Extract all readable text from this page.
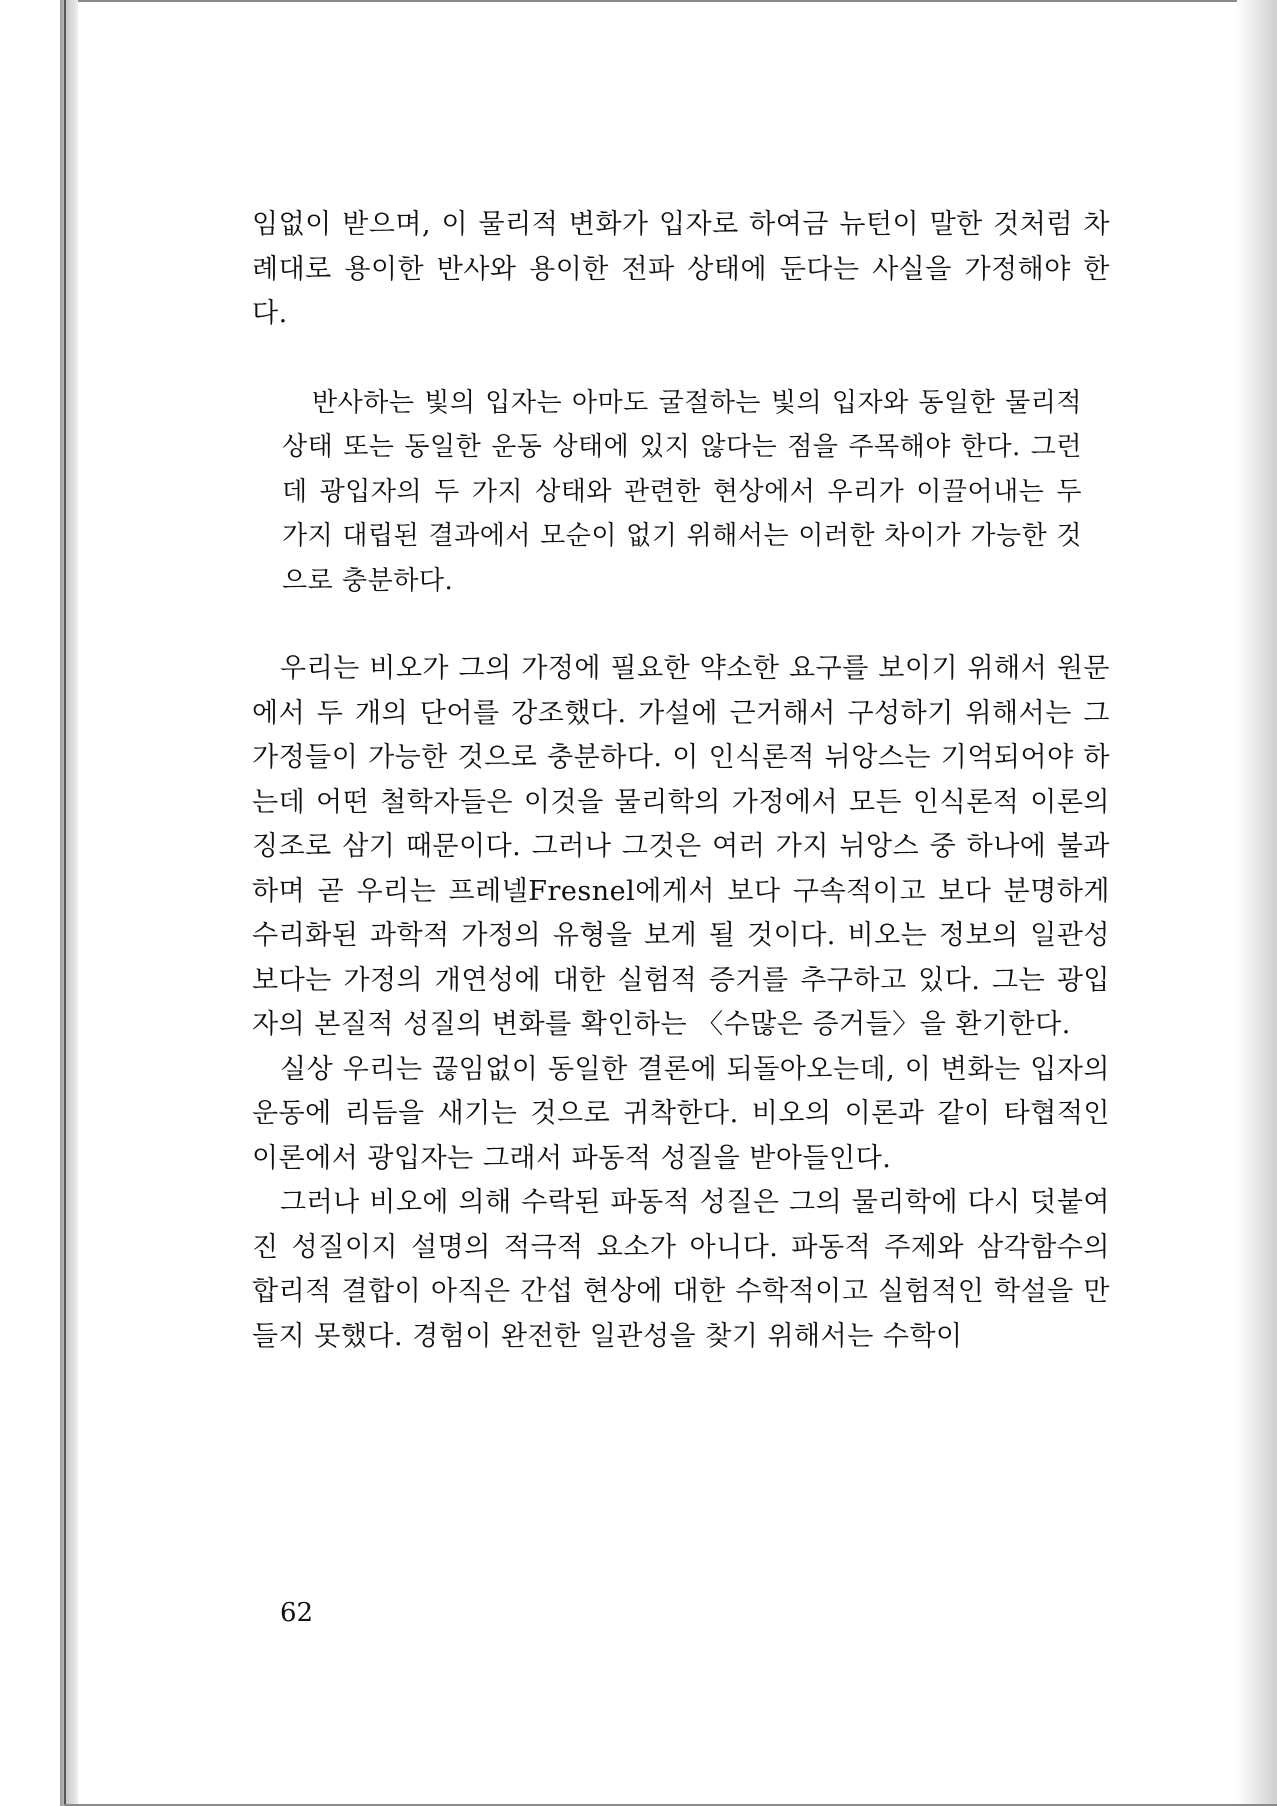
임없이 받으며, 이 물리적 변화가 입자로 하여금 뉴턴이 말한 것처럼 차례대로 용이한 반사와 용이한 전파 상태에 둔다는 사실을 가정해야 한다.

반사하는 빛의 입자는 아마도 굴절하는 빛의 입자와 동일한 물리적 상태 또는 동일한 운동 상태에 있지 않다는 점을 주목해야 한다. 그런데 광입자의 두 가지 상태와 관련한 현상에서 우리가 이끌어내는 두 가지 대립된 결과에서 모순이 없기 위해서는 이러한 차이가 가능한 것으로 충분하다.

우리는 비오가 그의 가정에 필요한 약소한 요구를 보이기 위해서 원문에서 두 개의 단어를 강조했다. 가설에 근거해서 구성하기 위해서는 그 가정들이 가능한 것으로 충분하다. 이 인식론적 뉘앙스는 기억되어야 하는데 어떤 철학자들은 이것을 물리학의 가정에서 모든 인식론적 이론의 징조로 삼기 때문이다. 그러나 그것은 여러 가지 뉘앙스 중 하나에 불과하며 곧 우리는 프레넬Fresnel에게서 보다 구속적이고 보다 분명하게 수리화된 과학적 가정의 유형을 보게 될 것이다. 비오는 정보의 일관성보다는 가정의 개연성에 대한 실험적 증거를 추구하고 있다. 그는 광입자의 본질적 성질의 변화를 확인하는 〈수많은 증거들〉을 환기한다.

실상 우리는 끊임없이 동일한 결론에 되돌아오는데, 이 변화는 입자의 운동에 리듬을 새기는 것으로 귀착한다. 비오의 이론과 같이 타협적인 이론에서 광입자는 그래서 파동적 성질을 받아들인다.

그러나 비오에 의해 수락된 파동적 성질은 그의 물리학에 다시 덧붙여진 성질이지 설명의 적극적 요소가 아니다. 파동적 주제와 삼각함수의 합리적 결합이 아직은 간섭 현상에 대한 수학적이고 실험적인 학설을 만들지 못했다. 경험이 완전한 일관성을 찾기 위해서는 수학이

62
